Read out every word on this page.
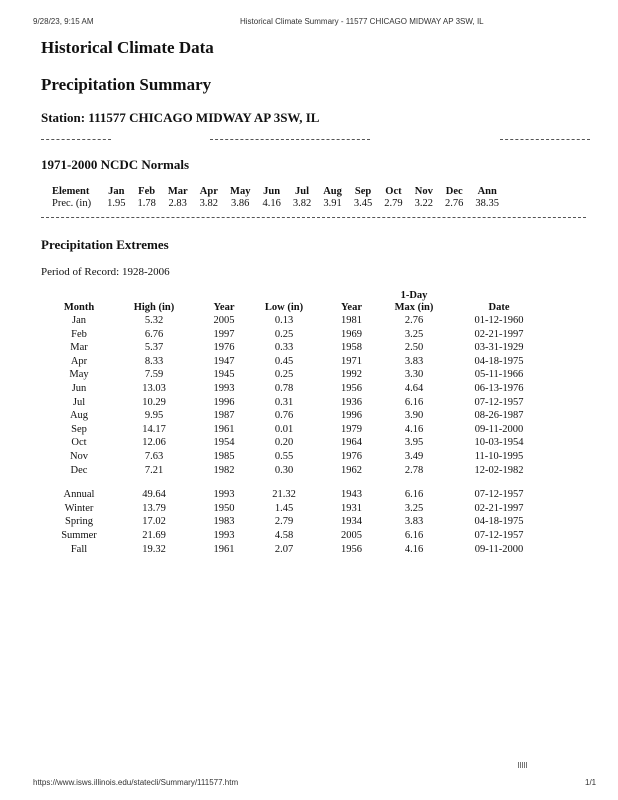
9/28/23, 9:15 AM	Historical Climate Summary - 11577 CHICAGO MIDWAY AP 3SW, IL
Historical Climate Data
Precipitation Summary
Station: 111577 CHICAGO MIDWAY AP 3SW, IL
1971-2000 NCDC Normals
Element	Jan	Feb	Mar	Apr	May	Jun	Jul	Aug	Sep	Oct	Nov	Dec	Ann
Prec. (in)	1.95	1.78	2.83	3.82	3.86	4.16	3.82	3.91	3.45	2.79	3.22	2.76	38.35
Precipitation Extremes
Period of Record: 1928-2006
					1-Day	
Month	High (in)	Year	Low (in)	Year	Max (in)	Date
Jan	5.32	2005	0.13	1981	2.76	01-12-1960
Feb	6.76	1997	0.25	1969	3.25	02-21-1997
Mar	5.37	1976	0.33	1958	2.50	03-31-1929
Apr	8.33	1947	0.45	1971	3.83	04-18-1975
May	7.59	1945	0.25	1992	3.30	05-11-1966
Jun	13.03	1993	0.78	1956	4.64	06-13-1976
Jul	10.29	1996	0.31	1936	6.16	07-12-1957
Aug	9.95	1987	0.76	1996	3.90	08-26-1987
Sep	14.17	1961	0.01	1979	4.16	09-11-2000
Oct	12.06	1954	0.20	1964	3.95	10-03-1954
Nov	7.63	1985	0.55	1976	3.49	11-10-1995
Dec	7.21	1982	0.30	1962	2.78	12-02-1982

Annual	49.64	1993	21.32	1943	6.16	07-12-1957
Winter	13.79	1950	1.45	1931	3.25	02-21-1997
Spring	17.02	1983	2.79	1934	3.83	04-18-1975
Summer	21.69	1993	4.58	2005	6.16	07-12-1957
Fall	19.32	1961	2.07	1956	4.16	09-11-2000
https://www.isws.illinois.edu/statecli/Summary/111577.htm	1/1
